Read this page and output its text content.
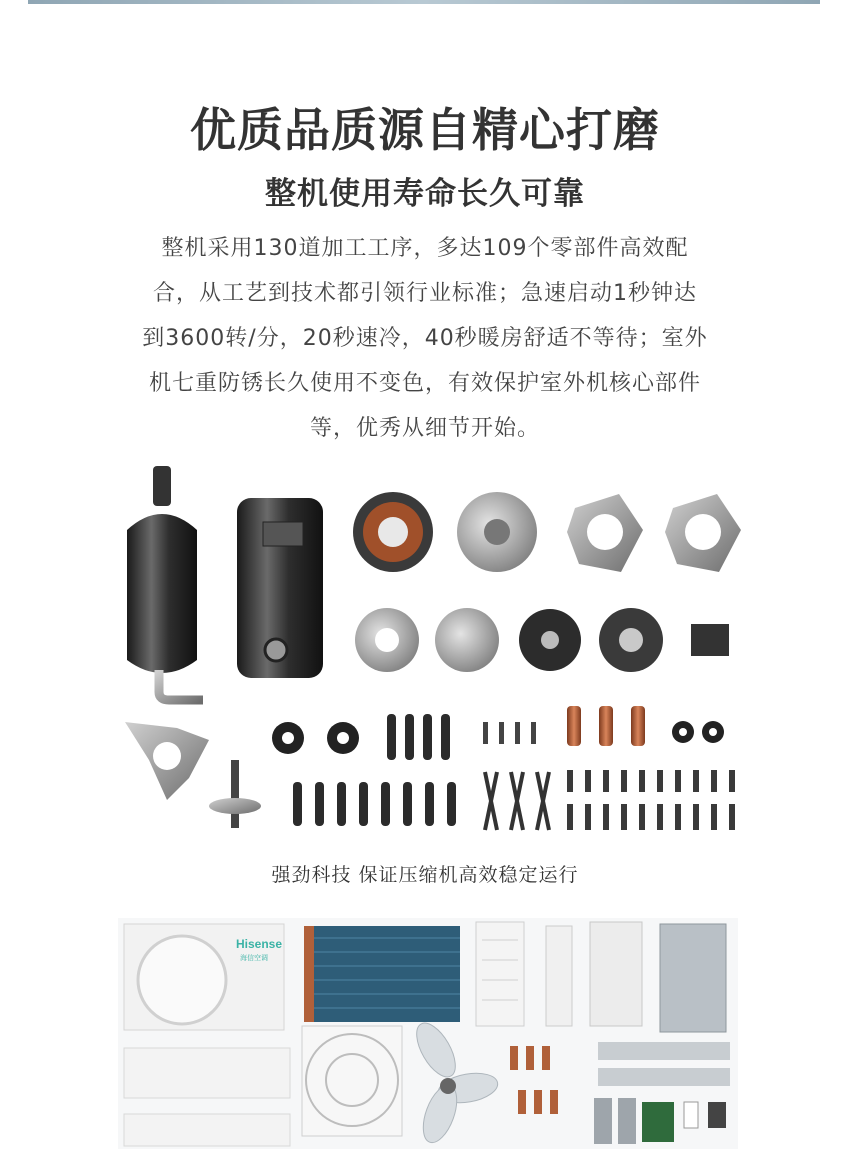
优质品质源自精心打磨
整机使用寿命长久可靠
整机采用130道加工工序，多达109个零部件高效配
合，从工艺到技术都引领行业标准；急速启动1秒钟达
到3600转/分，20秒速冷，40秒暖房舒适不等待；室外
机七重防锈长久使用不变色，有效保护室外机核心部件
等，优秀从细节开始。
强劲科技 保证压缩机高效稳定运行
Hisense
海信空调
